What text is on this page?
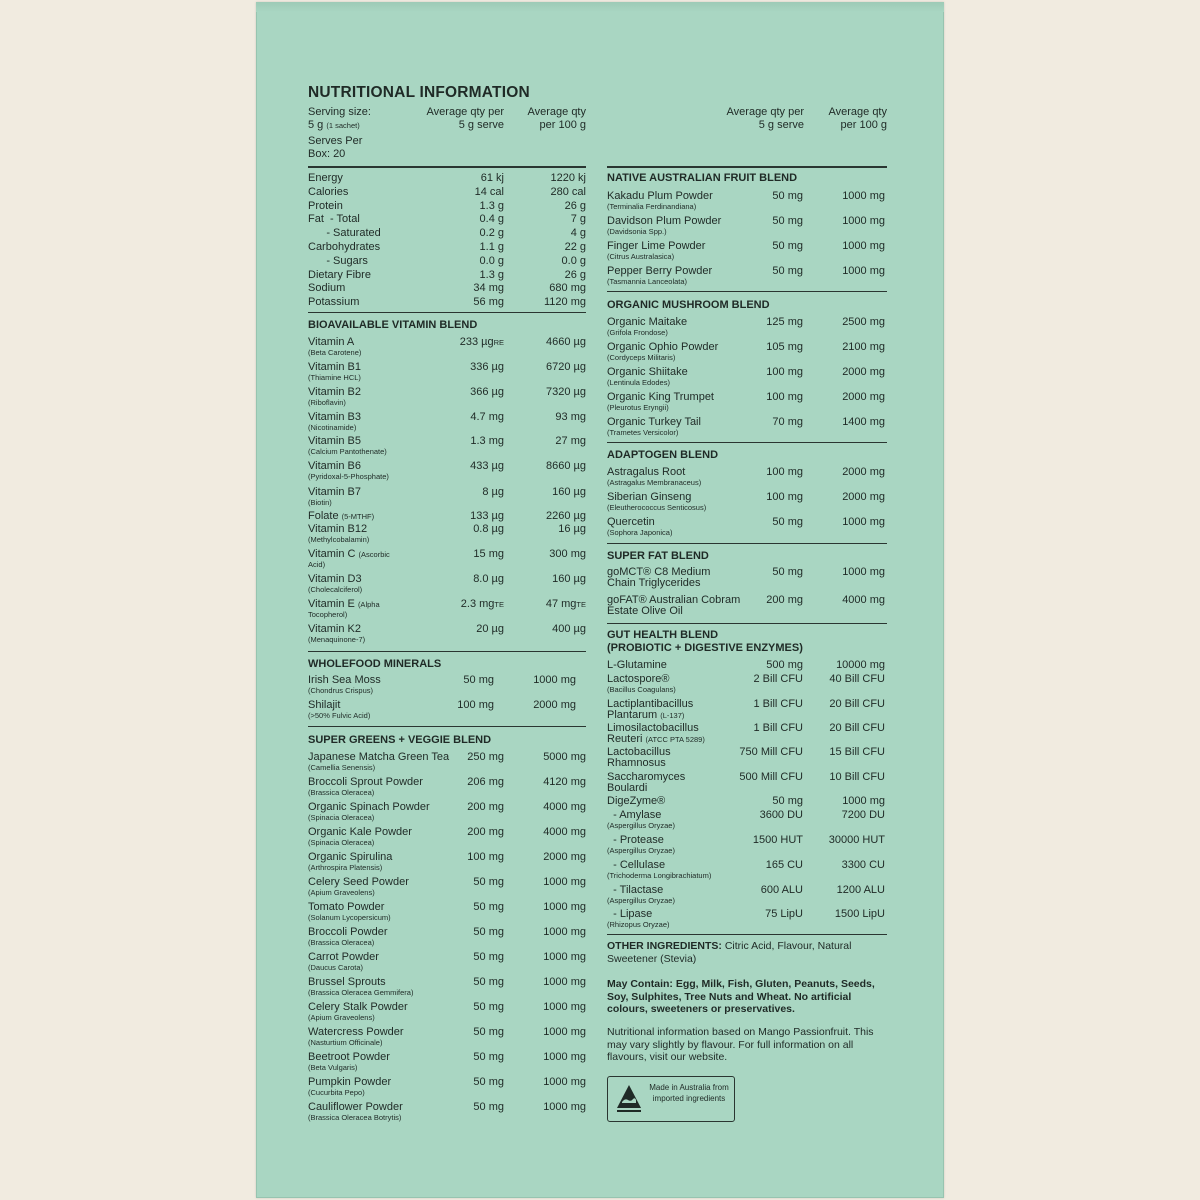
NUTRITIONAL INFORMATION
Serving size:
5 g (1 sachet)
Average qty per
5 g serve
Average qty
per 100 g
Average qty per
5 g serve
Average qty
per 100 g
Serves Per
Box: 20
Energy	61 kj	1220 kj
Calories	14 cal	280 cal
Protein	1.3 g	26 g
Fat  - Total	0.4 g	7 g
- Saturated	0.2 g	4 g
Carbohydrates	1.1 g	22 g
- Sugars	0.0 g	0.0 g
Dietary Fibre	1.3 g	26 g
Sodium	34 mg	680 mg
Potassium	56 mg	1120 mg
BIOAVAILABLE VITAMIN BLEND
Vitamin A
(Beta Carotene)
233 µgRE	4660 µg
Vitamin B1
(Thiamine HCL)
336 µg	6720 µg
Vitamin B2
(Riboflavin)
366 µg	7320 µg
Vitamin B3
(Nicotinamide)
4.7 mg	93 mg
Vitamin B5
(Calcium Pantothenate)
1.3 mg	27 mg
Vitamin B6
(Pyridoxal-5-Phosphate)
433 µg	8660 µg
Vitamin B7
(Biotin)
8 µg	160 µg
Folate (5-MTHF)	133 µg	2260 µg
Vitamin B12
(Methylcobalamin)
0.8 µg	16 µg
Vitamin C (Ascorbic
Acid)
15 mg	300 mg
Vitamin D3
(Cholecalciferol)
8.0 µg	160 µg
Vitamin E (Alpha
Tocopherol)
2.3 mgTE	47 mgTE
Vitamin K2
(Menaquinone-7)
20 µg	400 µg
WHOLEFOOD MINERALS
Irish Sea Moss
(Chondrus Crispus)
50 mg	1000 mg
Shilajit
(>50% Fulvic Acid)
100 mg	2000 mg
SUPER GREENS + VEGGIE BLEND
Japanese Matcha Green Tea
(Camellia Senensis)
250 mg	5000 mg
Broccoli Sprout Powder
(Brassica Oleracea)
206 mg	4120 mg
Organic Spinach Powder
(Spinacia Oleracea)
200 mg	4000 mg
Organic Kale Powder
(Spinacia Oleracea)
200 mg	4000 mg
Organic Spirulina
(Arthrospira Platensis)
100 mg	2000 mg
Celery Seed Powder
(Apium Graveolens)
50 mg	1000 mg
Tomato Powder
(Solanum Lycopersicum)
50 mg	1000 mg
Broccoli Powder
(Brassica Oleracea)
50 mg	1000 mg
Carrot Powder
(Daucus Carota)
50 mg	1000 mg
Brussel Sprouts
(Brassica Oleracea Gemmifera)
50 mg	1000 mg
Celery Stalk Powder
(Apium Graveolens)
50 mg	1000 mg
Watercress Powder
(Nasturtium Officinale)
50 mg	1000 mg
Beetroot Powder
(Beta Vulgaris)
50 mg	1000 mg
Pumpkin Powder
(Cucurbita Pepo)
50 mg	1000 mg
Cauliflower Powder
(Brassica Oleracea Botrytis)
50 mg	1000 mg
NATIVE AUSTRALIAN FRUIT BLEND
Kakadu Plum Powder
(Terminalia Ferdinandiana)
50 mg	1000 mg
Davidson Plum Powder
(Davidsonia Spp.)
50 mg	1000 mg
Finger Lime Powder
(Citrus Australasica)
50 mg	1000 mg
Pepper Berry Powder
(Tasmannia Lanceolata)
50 mg	1000 mg
ORGANIC MUSHROOM BLEND
Organic Maitake
(Grifola Frondose)
125 mg	2500 mg
Organic Ophio Powder
(Cordyceps Militaris)
105 mg	2100 mg
Organic Shiitake
(Lentinula Edodes)
100 mg	2000 mg
Organic King Trumpet
(Pleurotus Eryngii)
100 mg	2000 mg
Organic Turkey Tail
(Trametes Versicolor)
70 mg	1400 mg
ADAPTOGEN BLEND
Astragalus Root
(Astragalus Membranaceus)
100 mg	2000 mg
Siberian Ginseng
(Eleutherococcus Senticosus)
100 mg	2000 mg
Quercetin
(Sophora Japonica)
50 mg	1000 mg
SUPER FAT BLEND
goMCT® C8 Medium
Chain Triglycerides
50 mg	1000 mg
goFAT® Australian Cobram
Estate Olive Oil
200 mg	4000 mg
GUT HEALTH BLEND
(PROBIOTIC + DIGESTIVE ENZYMES)
L-Glutamine	500 mg	10000 mg
Lactospore®
(Bacillus Coagulans)
2 Bill CFU 40 Bill CFU
Lactiplantibacillus
Plantarum (L-137)
1 Bill CFU 20 Bill CFU
Limosilactobacillus
Reuteri (ATCC PTA 5289)
1 Bill CFU 20 Bill CFU
Lactobacillus
Rhamnosus
750 Mill CFU 15 Bill CFU
Saccharomyces
Boulardi
500 Mill CFU 10 Bill CFU
DigeZyme®	50 mg	1000 mg
- Amylase
(Aspergillus Oryzae)
3600 DU	7200 DU
- Protease
(Aspergillus Oryzae)
1500 HUT 30000 HUT
- Cellulase
(Trichoderma Longibrachiatum)
165 CU	3300 CU
- Tilactase
(Aspergillus Oryzae)
600 ALU	1200 ALU
- Lipase
(Rhizopus Oryzae)
75 LipU	1500 LipU
OTHER INGREDIENTS: Citric Acid, Flavour, Natural Sweetener (Stevia)
May Contain: Egg, Milk, Fish, Gluten, Peanuts, Seeds, Soy, Sulphites, Tree Nuts and Wheat. No artificial colours, sweeteners or preservatives.
Nutritional information based on Mango Passionfruit. This may vary slightly by flavour. For full information on all flavours, visit our website.
Made in Australia from imported ingredients
